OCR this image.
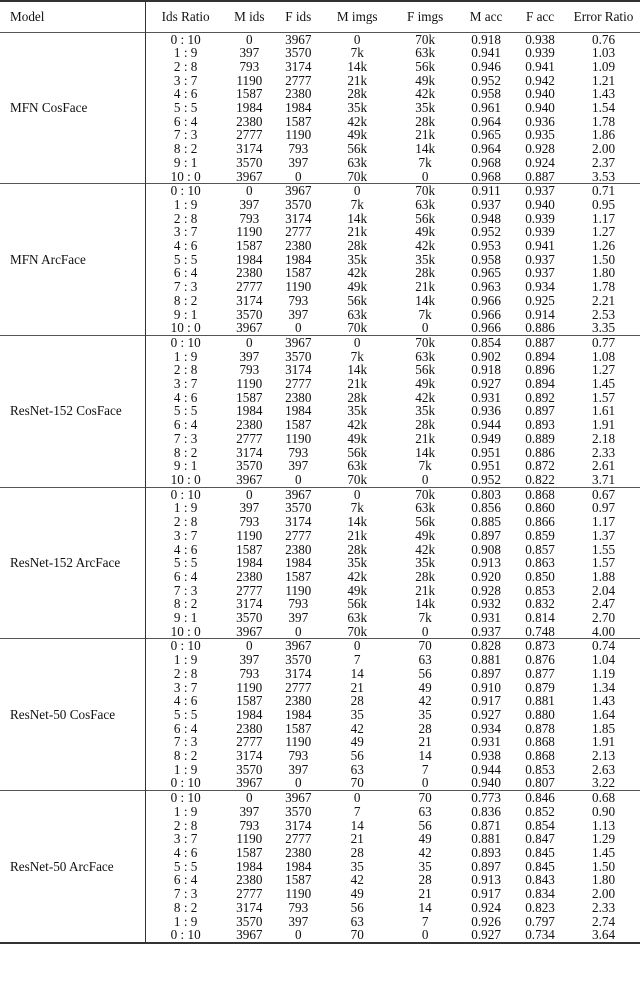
Model	Ids Ratio	M ids	F ids	M imgs	F imgs	M acc	F acc	Error Ratio
MFN CosFace	0 : 10	0	3967	0	70k	0.918	0.938	0.76
	1 : 9	397	3570	7k	63k	0.941	0.939	1.03
	2 : 8	793	3174	14k	56k	0.946	0.941	1.09
	3 : 7	1190	2777	21k	49k	0.952	0.942	1.21
	4 : 6	1587	2380	28k	42k	0.958	0.940	1.43
	5 : 5	1984	1984	35k	35k	0.961	0.940	1.54
	6 : 4	2380	1587	42k	28k	0.964	0.936	1.78
	7 : 3	2777	1190	49k	21k	0.965	0.935	1.86
	8 : 2	3174	793	56k	14k	0.964	0.928	2.00
	9 : 1	3570	397	63k	7k	0.968	0.924	2.37
	10 : 0	3967	0	70k	0	0.968	0.887	3.53
MFN ArcFace	0 : 10	0	3967	0	70k	0.911	0.937	0.71
	1 : 9	397	3570	7k	63k	0.937	0.940	0.95
	2 : 8	793	3174	14k	56k	0.948	0.939	1.17
	3 : 7	1190	2777	21k	49k	0.952	0.939	1.27
	4 : 6	1587	2380	28k	42k	0.953	0.941	1.26
	5 : 5	1984	1984	35k	35k	0.958	0.937	1.50
	6 : 4	2380	1587	42k	28k	0.965	0.937	1.80
	7 : 3	2777	1190	49k	21k	0.963	0.934	1.78
	8 : 2	3174	793	56k	14k	0.966	0.925	2.21
	9 : 1	3570	397	63k	7k	0.966	0.914	2.53
	10 : 0	3967	0	70k	0	0.966	0.886	3.35
ResNet-152 CosFace	0 : 10	0	3967	0	70k	0.854	0.887	0.77
	1 : 9	397	3570	7k	63k	0.902	0.894	1.08
	2 : 8	793	3174	14k	56k	0.918	0.896	1.27
	3 : 7	1190	2777	21k	49k	0.927	0.894	1.45
	4 : 6	1587	2380	28k	42k	0.931	0.892	1.57
	5 : 5	1984	1984	35k	35k	0.936	0.897	1.61
	6 : 4	2380	1587	42k	28k	0.944	0.893	1.91
	7 : 3	2777	1190	49k	21k	0.949	0.889	2.18
	8 : 2	3174	793	56k	14k	0.951	0.886	2.33
	9 : 1	3570	397	63k	7k	0.951	0.872	2.61
	10 : 0	3967	0	70k	0	0.952	0.822	3.71
ResNet-152 ArcFace	0 : 10	0	3967	0	70k	0.803	0.868	0.67
	1 : 9	397	3570	7k	63k	0.856	0.860	0.97
	2 : 8	793	3174	14k	56k	0.885	0.866	1.17
	3 : 7	1190	2777	21k	49k	0.897	0.859	1.37
	4 : 6	1587	2380	28k	42k	0.908	0.857	1.55
	5 : 5	1984	1984	35k	35k	0.913	0.863	1.57
	6 : 4	2380	1587	42k	28k	0.920	0.850	1.88
	7 : 3	2777	1190	49k	21k	0.928	0.853	2.04
	8 : 2	3174	793	56k	14k	0.932	0.832	2.47
	9 : 1	3570	397	63k	7k	0.931	0.814	2.70
	10 : 0	3967	0	70k	0	0.937	0.748	4.00
ResNet-50 CosFace	0 : 10	0	3967	0	70	0.828	0.873	0.74
	1 : 9	397	3570	7	63	0.881	0.876	1.04
	2 : 8	793	3174	14	56	0.897	0.877	1.19
	3 : 7	1190	2777	21	49	0.910	0.879	1.34
	4 : 6	1587	2380	28	42	0.917	0.881	1.43
	5 : 5	1984	1984	35	35	0.927	0.880	1.64
	6 : 4	2380	1587	42	28	0.934	0.878	1.85
	7 : 3	2777	1190	49	21	0.931	0.868	1.91
	8 : 2	3174	793	56	14	0.938	0.868	2.13
	1 : 9	3570	397	63	7	0.944	0.853	2.63
	0 : 10	3967	0	70	0	0.940	0.807	3.22
ResNet-50 ArcFace	0 : 10	0	3967	0	70	0.773	0.846	0.68
	1 : 9	397	3570	7	63	0.836	0.852	0.90
	2 : 8	793	3174	14	56	0.871	0.854	1.13
	3 : 7	1190	2777	21	49	0.881	0.847	1.29
	4 : 6	1587	2380	28	42	0.893	0.845	1.45
	5 : 5	1984	1984	35	35	0.897	0.845	1.50
	6 : 4	2380	1587	42	28	0.913	0.843	1.80
	7 : 3	2777	1190	49	21	0.917	0.834	2.00
	8 : 2	3174	793	56	14	0.924	0.823	2.33
	1 : 9	3570	397	63	7	0.926	0.797	2.74
	0 : 10	3967	0	70	0	0.927	0.734	3.64
